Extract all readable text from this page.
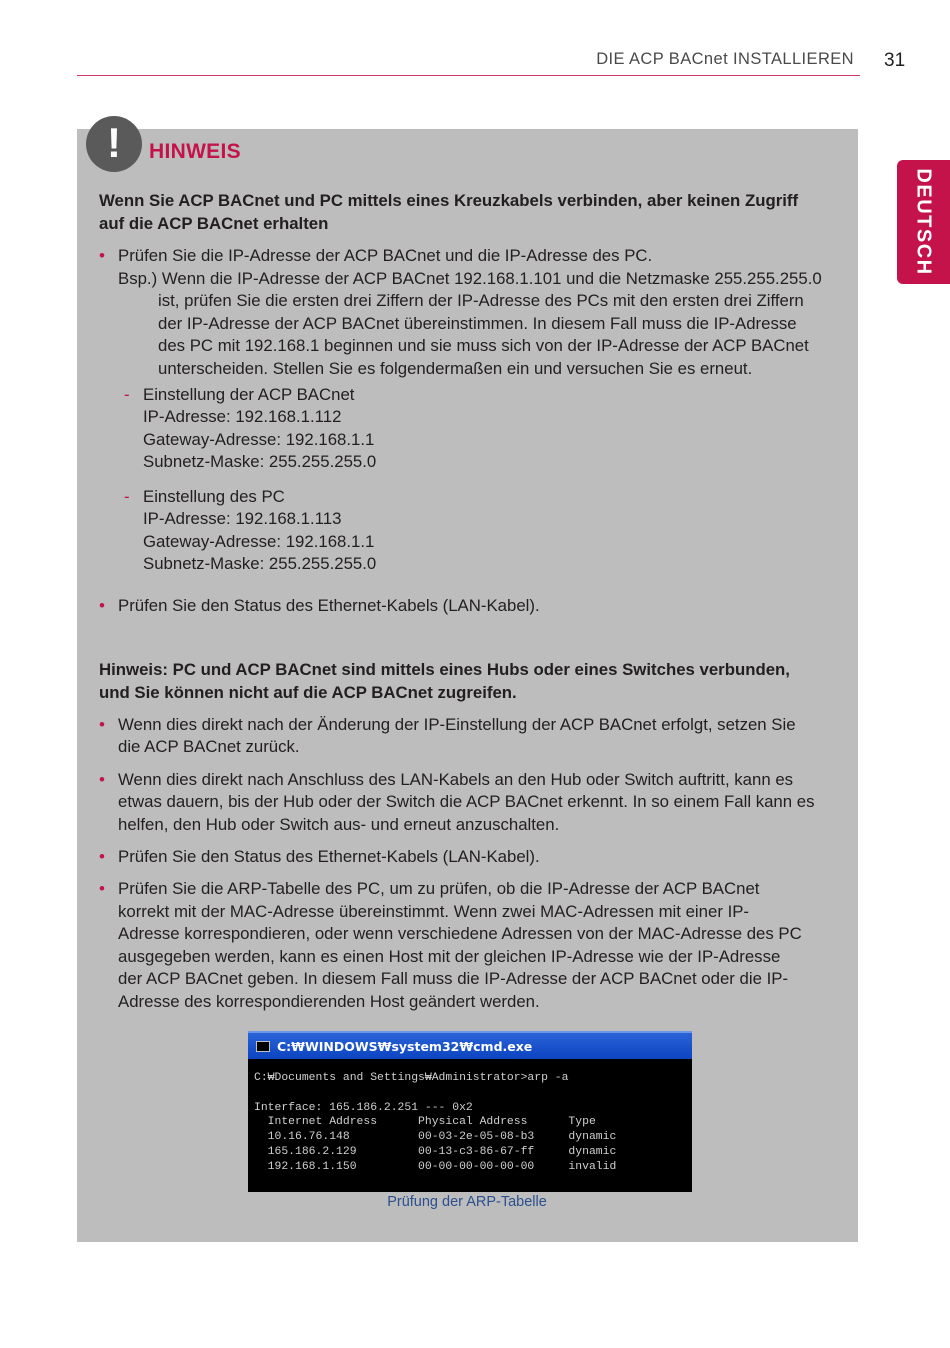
DIE ACP BACnet INSTALLIEREN 31
DEUTSCH
!	HINWEIS
Wenn Sie ACP BACnet und PC mittels eines Kreuzkabels verbinden, aber keinen Zugriff
auf die ACP BACnet erhalten
• Prüfen Sie die IP-Adresse der ACP BACnet und die IP-Adresse des PC.
Bsp.) Wenn die IP-Adresse der ACP BACnet 192.168.1.101 und die Netzmaske 255.255.255.0
ist, prüfen Sie die ersten drei Ziffern der IP-Adresse des PCs mit den ersten drei Ziffern
der IP-Adresse der ACP BACnet übereinstimmen. In diesem Fall muss die IP-Adresse
des PC mit 192.168.1 beginnen und sie muss sich von der IP-Adresse der ACP BACnet
unterscheiden. Stellen Sie es folgendermaßen ein und versuchen Sie es erneut.
- Einstellung der ACP BACnet
IP-Adresse: 192.168.1.112
Gateway-Adresse: 192.168.1.1
Subnetz-Maske: 255.255.255.0
- Einstellung des PC
IP-Adresse: 192.168.1.113
Gateway-Adresse: 192.168.1.1
Subnetz-Maske: 255.255.255.0
• Prüfen Sie den Status des Ethernet-Kabels (LAN-Kabel).
Hinweis: PC und ACP BACnet sind mittels eines Hubs oder eines Switches verbunden,
und Sie können nicht auf die ACP BACnet zugreifen.
• Wenn dies direkt nach der Änderung der IP-Einstellung der ACP BACnet erfolgt, setzen Sie
die ACP BACnet zurück.
• Wenn dies direkt nach Anschluss des LAN-Kabels an den Hub oder Switch auftritt, kann es
etwas dauern, bis der Hub oder der Switch die ACP BACnet erkennt. In so einem Fall kann es
helfen, den Hub oder Switch aus- und erneut anzuschalten.
• Prüfen Sie den Status des Ethernet-Kabels (LAN-Kabel).
• Prüfen Sie die ARP-Tabelle des PC, um zu prüfen, ob die IP-Adresse der ACP BACnet
korrekt mit der MAC-Adresse übereinstimmt. Wenn zwei MAC-Adressen mit einer IP-
Adresse korrespondieren, oder wenn verschiedene Adressen von der MAC-Adresse des PC
ausgegeben werden, kann es einen Host mit der gleichen IP-Adresse wie der IP-Adresse
der ACP BACnet geben. In diesem Fall muss die IP-Adresse der ACP BACnet oder die IP-
Adresse des korrespondierenden Host geändert werden.
C:₩WINDOWS₩system32₩cmd.exe
C:₩Documents and Settings₩Administrator>arp -a

Interface: 165.186.2.251 --- 0x2
Internet Address      Physical Address      Type
10.16.76.148          00-03-2e-05-08-b3     dynamic
165.186.2.129         00-13-c3-86-67-ff     dynamic
192.168.1.150         00-00-00-00-00-00     invalid
Prüfung der ARP-Tabelle
